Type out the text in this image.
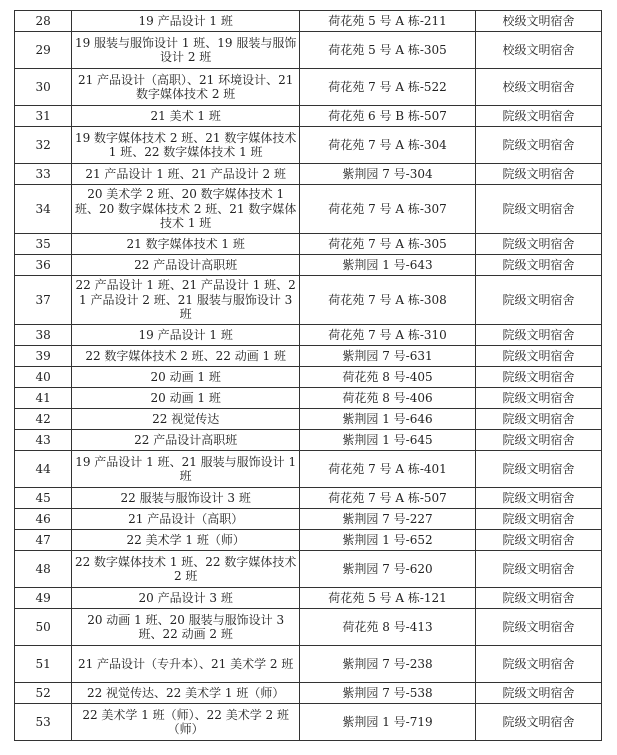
28	19 产品设计 1 班	荷花苑 5 号 A 栋-211	校级文明宿舍
29	19 服装与服饰设计 1 班、19 服装与服饰设计 2 班	荷花苑 5 号 A 栋-305	校级文明宿舍
30	21 产品设计（高职）、21 环境设计、21 数字媒体技术 2 班	荷花苑 7 号 A 栋-522	校级文明宿舍
31	21 美术 1 班	荷花苑 6 号 B 栋-507	院级文明宿舍
32	19 数字媒体技术 2 班、21 数字媒体技术 1 班、22 数字媒体技术 1 班	荷花苑 7 号 A 栋-304	院级文明宿舍
33	21 产品设计 1 班、21 产品设计 2 班	紫荆园 7 号-304	院级文明宿舍
34	20 美术学 2 班、20 数字媒体技术 1 班、20 数字媒体技术 2 班、21 数字媒体技术 1 班	荷花苑 7 号 A 栋-307	院级文明宿舍
35	21 数字媒体技术 1 班	荷花苑 7 号 A 栋-305	院级文明宿舍
36	22 产品设计高职班	紫荆园 1 号-643	院级文明宿舍
37	22 产品设计 1 班、21 产品设计 1 班、21 产品设计 2 班、21 服装与服饰设计 3 班	荷花苑 7 号 A 栋-308	院级文明宿舍
38	19 产品设计 1 班	荷花苑 7 号 A 栋-310	院级文明宿舍
39	22 数字媒体技术 2 班、22 动画 1 班	紫荆园 7 号-631	院级文明宿舍
40	20 动画 1 班	荷花苑 8 号-405	院级文明宿舍
41	20 动画 1 班	荷花苑 8 号-406	院级文明宿舍
42	22 视觉传达	紫荆园 1 号-646	院级文明宿舍
43	22 产品设计高职班	紫荆园 1 号-645	院级文明宿舍
44	19 产品设计 1 班、21 服装与服饰设计 1 班	荷花苑 7 号 A 栋-401	院级文明宿舍
45	22 服装与服饰设计 3 班	荷花苑 7 号 A 栋-507	院级文明宿舍
46	21 产品设计（高职）	紫荆园 7 号-227	院级文明宿舍
47	22 美术学 1 班（师）	紫荆园 1 号-652	院级文明宿舍
48	22 数字媒体技术 1 班、22 数字媒体技术 2 班	紫荆园 7 号-620	院级文明宿舍
49	20 产品设计 3 班	荷花苑 5 号 A 栋-121	院级文明宿舍
50	20 动画 1 班、20 服装与服饰设计 3 班、22 动画 2 班	荷花苑 8 号-413	院级文明宿舍
51	21 产品设计（专升本）、21 美术学 2 班	紫荆园 7 号-238	院级文明宿舍
52	22 视觉传达、22 美术学 1 班（师）	紫荆园 7 号-538	院级文明宿舍
53	22 美术学 1 班（师）、22 美术学 2 班（师）	紫荆园 1 号-719	院级文明宿舍
